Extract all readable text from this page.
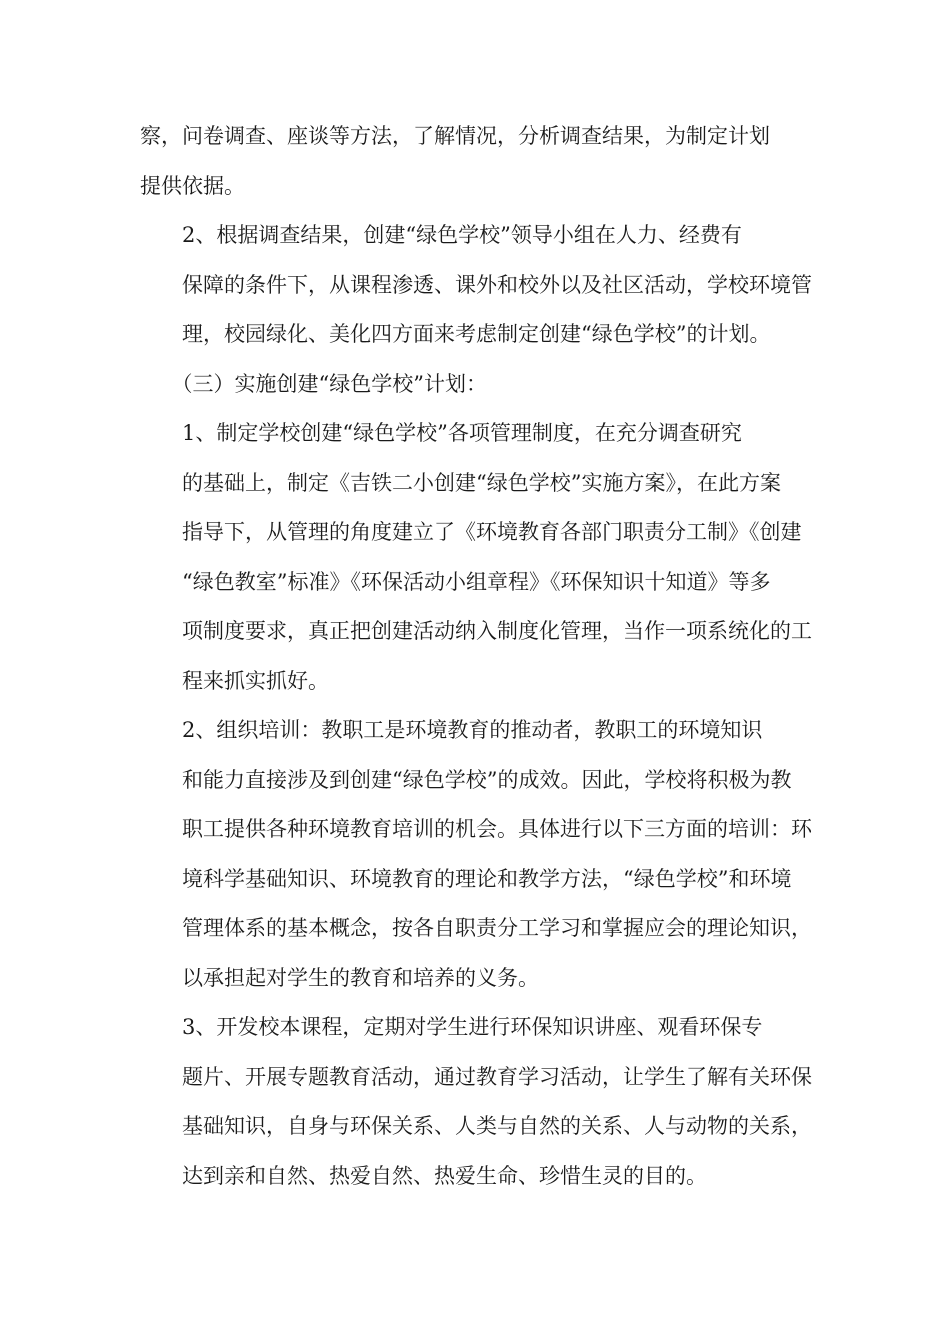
察，问卷调查、座谈等方法，了解情况，分析调查结果，为制定计划
提供依据。
2、根据调查结果，创建“绿色学校”领导小组在人力、经费有
保障的条件下，从课程渗透、课外和校外以及社区活动，学校环境管
理，校园绿化、美化四方面来考虑制定创建“绿色学校”的计划。
（三）实施创建“绿色学校”计划：
1、制定学校创建“绿色学校”各项管理制度，在充分调查研究
的基础上，制定《吉铁二小创建“绿色学校”实施方案》，在此方案
指导下，从管理的角度建立了《环境教育各部门职责分工制》《创建
“绿色教室”标准》《环保活动小组章程》《环保知识十知道》等多
项制度要求，真正把创建活动纳入制度化管理，当作一项系统化的工
程来抓实抓好。
2、组织培训：教职工是环境教育的推动者，教职工的环境知识
和能力直接涉及到创建“绿色学校”的成效。因此，学校将积极为教
职工提供各种环境教育培训的机会。具体进行以下三方面的培训：环
境科学基础知识、环境教育的理论和教学方法，“绿色学校”和环境
管理体系的基本概念，按各自职责分工学习和掌握应会的理论知识，
以承担起对学生的教育和培养的义务。
3、开发校本课程，定期对学生进行环保知识讲座、观看环保专
题片、开展专题教育活动，通过教育学习活动，让学生了解有关环保
基础知识，自身与环保关系、人类与自然的关系、人与动物的关系，
达到亲和自然、热爱自然、热爱生命、珍惜生灵的目的。
